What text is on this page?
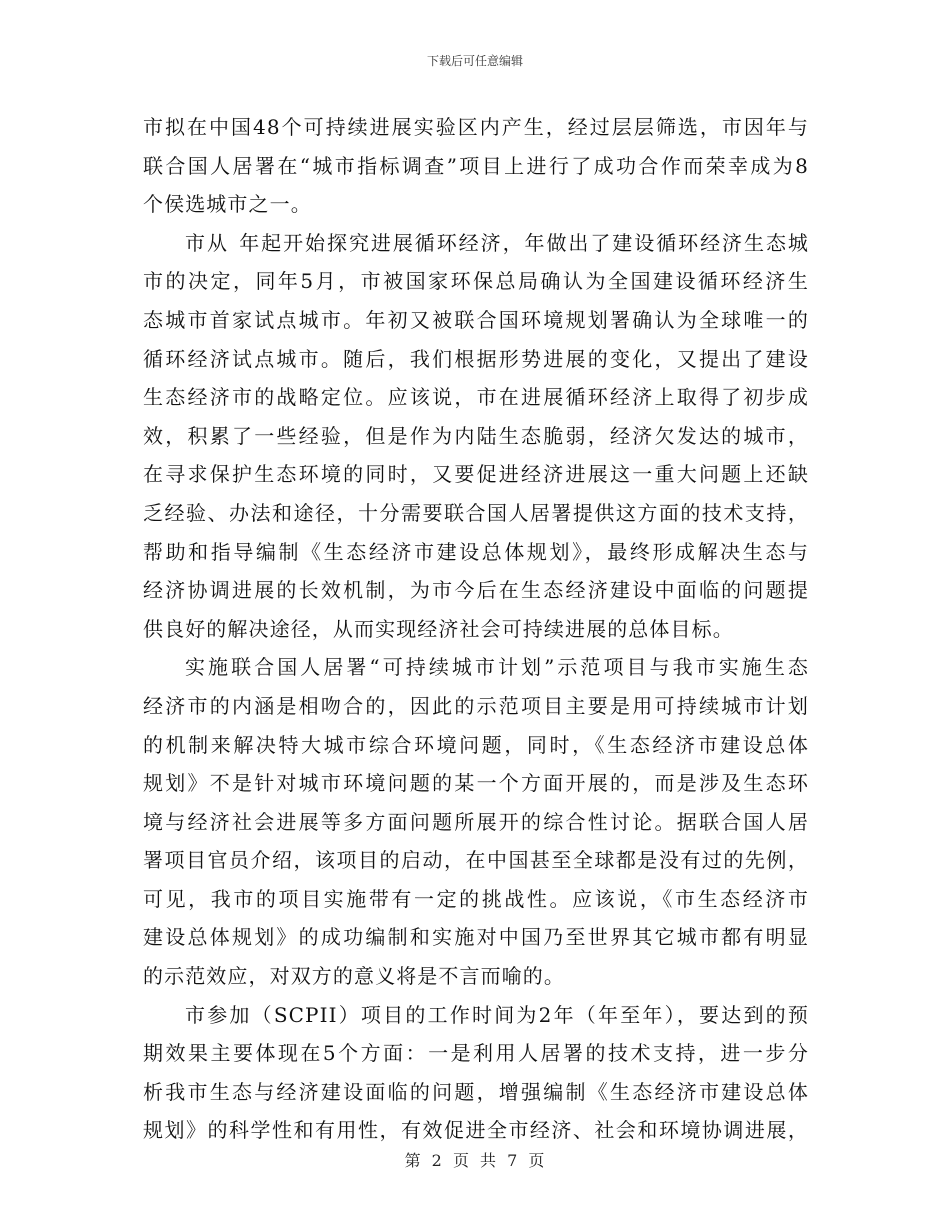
下载后可任意编辑
市拟在中国48个可持续进展实验区内产生，经过层层筛选，市因年与
联合国人居署在“城市指标调查”项目上进行了成功合作而荣幸成为8
个侯选城市之一。
市从 年起开始探究进展循环经济，年做出了建设循环经济生态城
市的决定，同年5月，市被国家环保总局确认为全国建设循环经济生
态城市首家试点城市。年初又被联合国环境规划署确认为全球唯一的
循环经济试点城市。随后，我们根据形势进展的变化，又提出了建设
生态经济市的战略定位。应该说，市在进展循环经济上取得了初步成
效，积累了一些经验，但是作为内陆生态脆弱，经济欠发达的城市，
在寻求保护生态环境的同时，又要促进经济进展这一重大问题上还缺
乏经验、办法和途径，十分需要联合国人居署提供这方面的技术支持，
帮助和指导编制《生态经济市建设总体规划》，最终形成解决生态与
经济协调进展的长效机制，为市今后在生态经济建设中面临的问题提
供良好的解决途径，从而实现经济社会可持续进展的总体目标。
实施联合国人居署“可持续城市计划”示范项目与我市实施生态
经济市的内涵是相吻合的，因此的示范项目主要是用可持续城市计划
的机制来解决特大城市综合环境问题，同时，《生态经济市建设总体
规划》不是针对城市环境问题的某一个方面开展的，而是涉及生态环
境与经济社会进展等多方面问题所展开的综合性讨论。据联合国人居
署项目官员介绍，该项目的启动，在中国甚至全球都是没有过的先例，
可见，我市的项目实施带有一定的挑战性。应该说，《市生态经济市
建设总体规划》的成功编制和实施对中国乃至世界其它城市都有明显
的示范效应，对双方的意义将是不言而喻的。
市参加（SCPII）项目的工作时间为2年（年至年），要达到的预
期效果主要体现在5个方面：一是利用人居署的技术支持，进一步分
析我市生态与经济建设面临的问题，增强编制《生态经济市建设总体
规划》的科学性和有用性，有效促进全市经济、社会和环境协调进展，
第 2 页 共 7 页
